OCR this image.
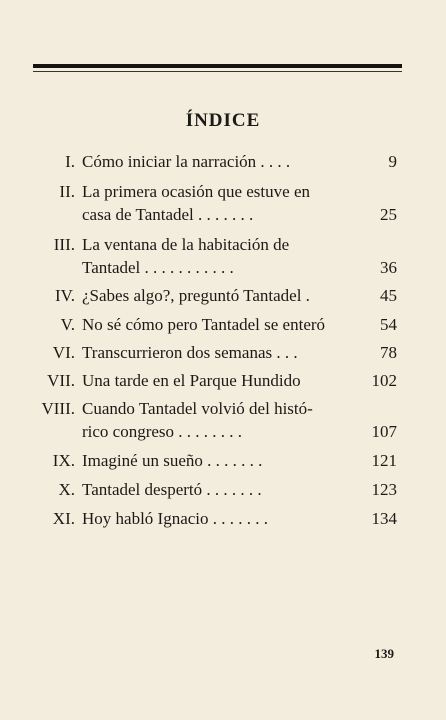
ÍNDICE
I. Cómo iniciar la narración . . . .	9
II. La primera ocasión que estuve en
casa de Tantadel . . . . . . .	25
III. La ventana de la habitación de
Tantadel . . . . . . . . . . .	36
IV. ¿Sabes algo?, preguntó Tantadel .	45
V. No sé cómo pero Tantadel se enteró	54
VI. Transcurrieron dos semanas . . .	78
VII. Una tarde en el Parque Hundido	102
VIII. Cuando Tantadel volvió del histó-
rico congreso . . . . . . . .	107
IX. Imaginé un sueño . . . . . . .	121
X. Tantadel despertó . . . . . . .	123
XI. Hoy habló Ignacio . . . . . . .	134
139
